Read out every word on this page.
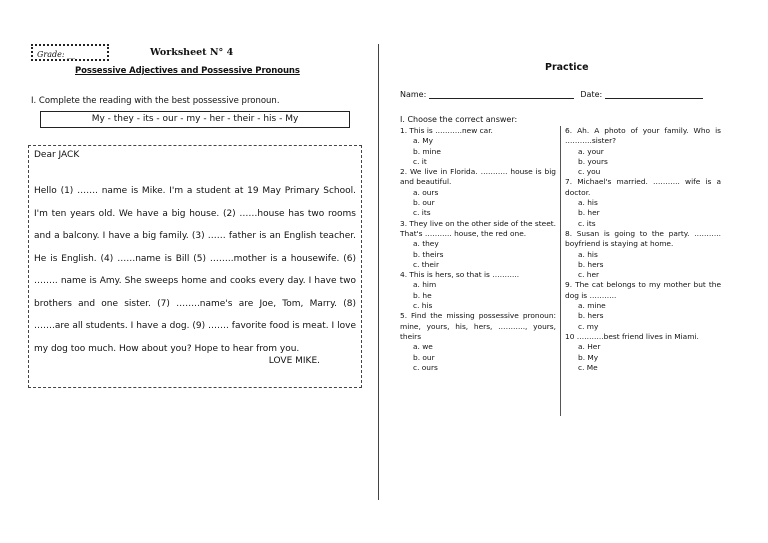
Grade: __	Worksheet N° 4
Possessive Adjectives and Possessive Pronouns
I. Complete the reading with the best possessive pronoun.
My - they - its - our - my - her - their - his - My

Dear JACK

Hello (1) ……. name is Mike. I'm a student at 19 May Primary School. I'm ten years old. We have a big house. (2) ……house has two rooms and a balcony. I have a big family. (3) …… father is an English teacher. He is English. (4) ……name is Bill (5) ……..mother is a housewife. (6) …….. name is Amy. She sweeps home and cooks every day. I have two brothers and one sister. (7) ……..name's are Joe, Tom, Marry. (8) …….are all students. I have a dog. (9) ……. favorite food is meat. I love my dog too much. How about you? Hope to hear from you.

LOVE MIKE.
Practice
Name:	Date:
I. Choose the correct answer:
1. This is ………..new car.
a. My
b. mine
c. it
2. We live in Florida. ……….. house is big and beautiful.
a. ours
b. our
c. its
3. They live on the other side of the steet. That's ……….. house, the red one.
a. they
b. theirs
c. their
4. This is hers, so that is ………..
a. him
b. he
c. his
5. Find the missing possessive pronoun: mine, yours, his, hers, ……….., yours, theirs
a. we
b. our
c. ours
6. Ah. A photo of your family. Who is ………..sister?
a. your
b. yours
c. you
7. Michael's married. ……….. wife is a doctor.
a. his
b. her
c. its
8. Susan is going to the party. ……….. boyfriend is staying at home.
a. his
b. hers
c. her
9. The cat belongs to my mother but the dog is ………..
a. mine
b. hers
c. my
10 ………..best friend lives in Miami.
a. Her
b. My
c. Me
